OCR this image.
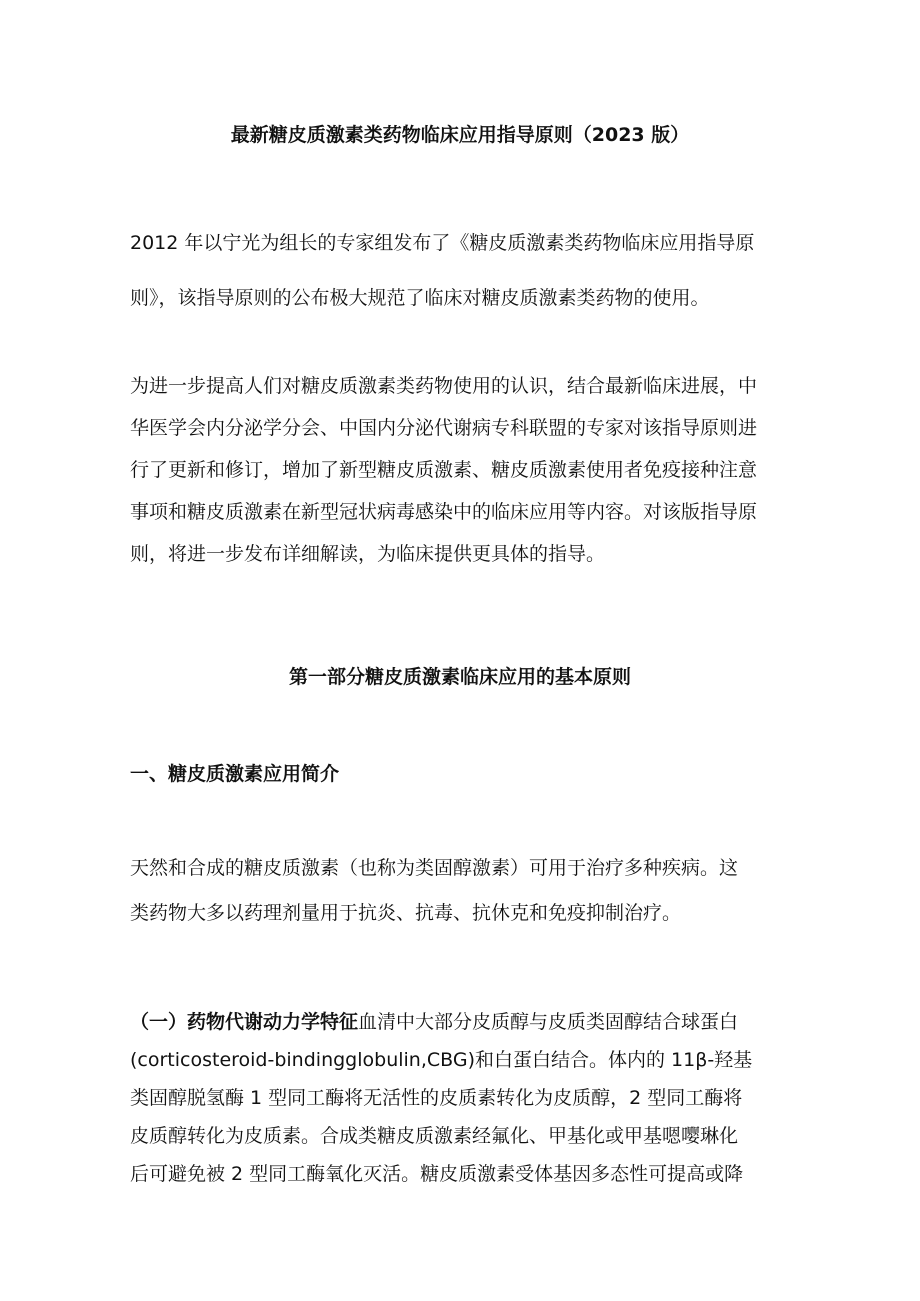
最新糖皮质激素类药物临床应用指导原则（2023 版）
2012 年以宁光为组长的专家组发布了《糖皮质激素类药物临床应用指导原
则》，该指导原则的公布极大规范了临床对糖皮质激素类药物的使用。
为进一步提高人们对糖皮质激素类药物使用的认识，结合最新临床进展，中
华医学会内分泌学分会、中国内分泌代谢病专科联盟的专家对该指导原则进
行了更新和修订，增加了新型糖皮质激素、糖皮质激素使用者免疫接种注意
事项和糖皮质激素在新型冠状病毒感染中的临床应用等内容。对该版指导原
则，将进一步发布详细解读，为临床提供更具体的指导。
第一部分糖皮质激素临床应用的基本原则
一、糖皮质激素应用简介
天然和合成的糖皮质激素（也称为类固醇激素）可用于治疗多种疾病。这
类药物大多以药理剂量用于抗炎、抗毒、抗休克和免疫抑制治疗。
（一）药物代谢动力学特征血清中大部分皮质醇与皮质类固醇结合球蛋白
(corticosteroid-bindingglobulin,CBG)和白蛋白结合。体内的 11β-羟基
类固醇脱氢酶 1 型同工酶将无活性的皮质素转化为皮质醇，2 型同工酶将
皮质醇转化为皮质素。合成类糖皮质激素经氟化、甲基化或甲基嗯嘤琳化
后可避免被 2 型同工酶氧化灭活。糖皮质激素受体基因多态性可提高或降
